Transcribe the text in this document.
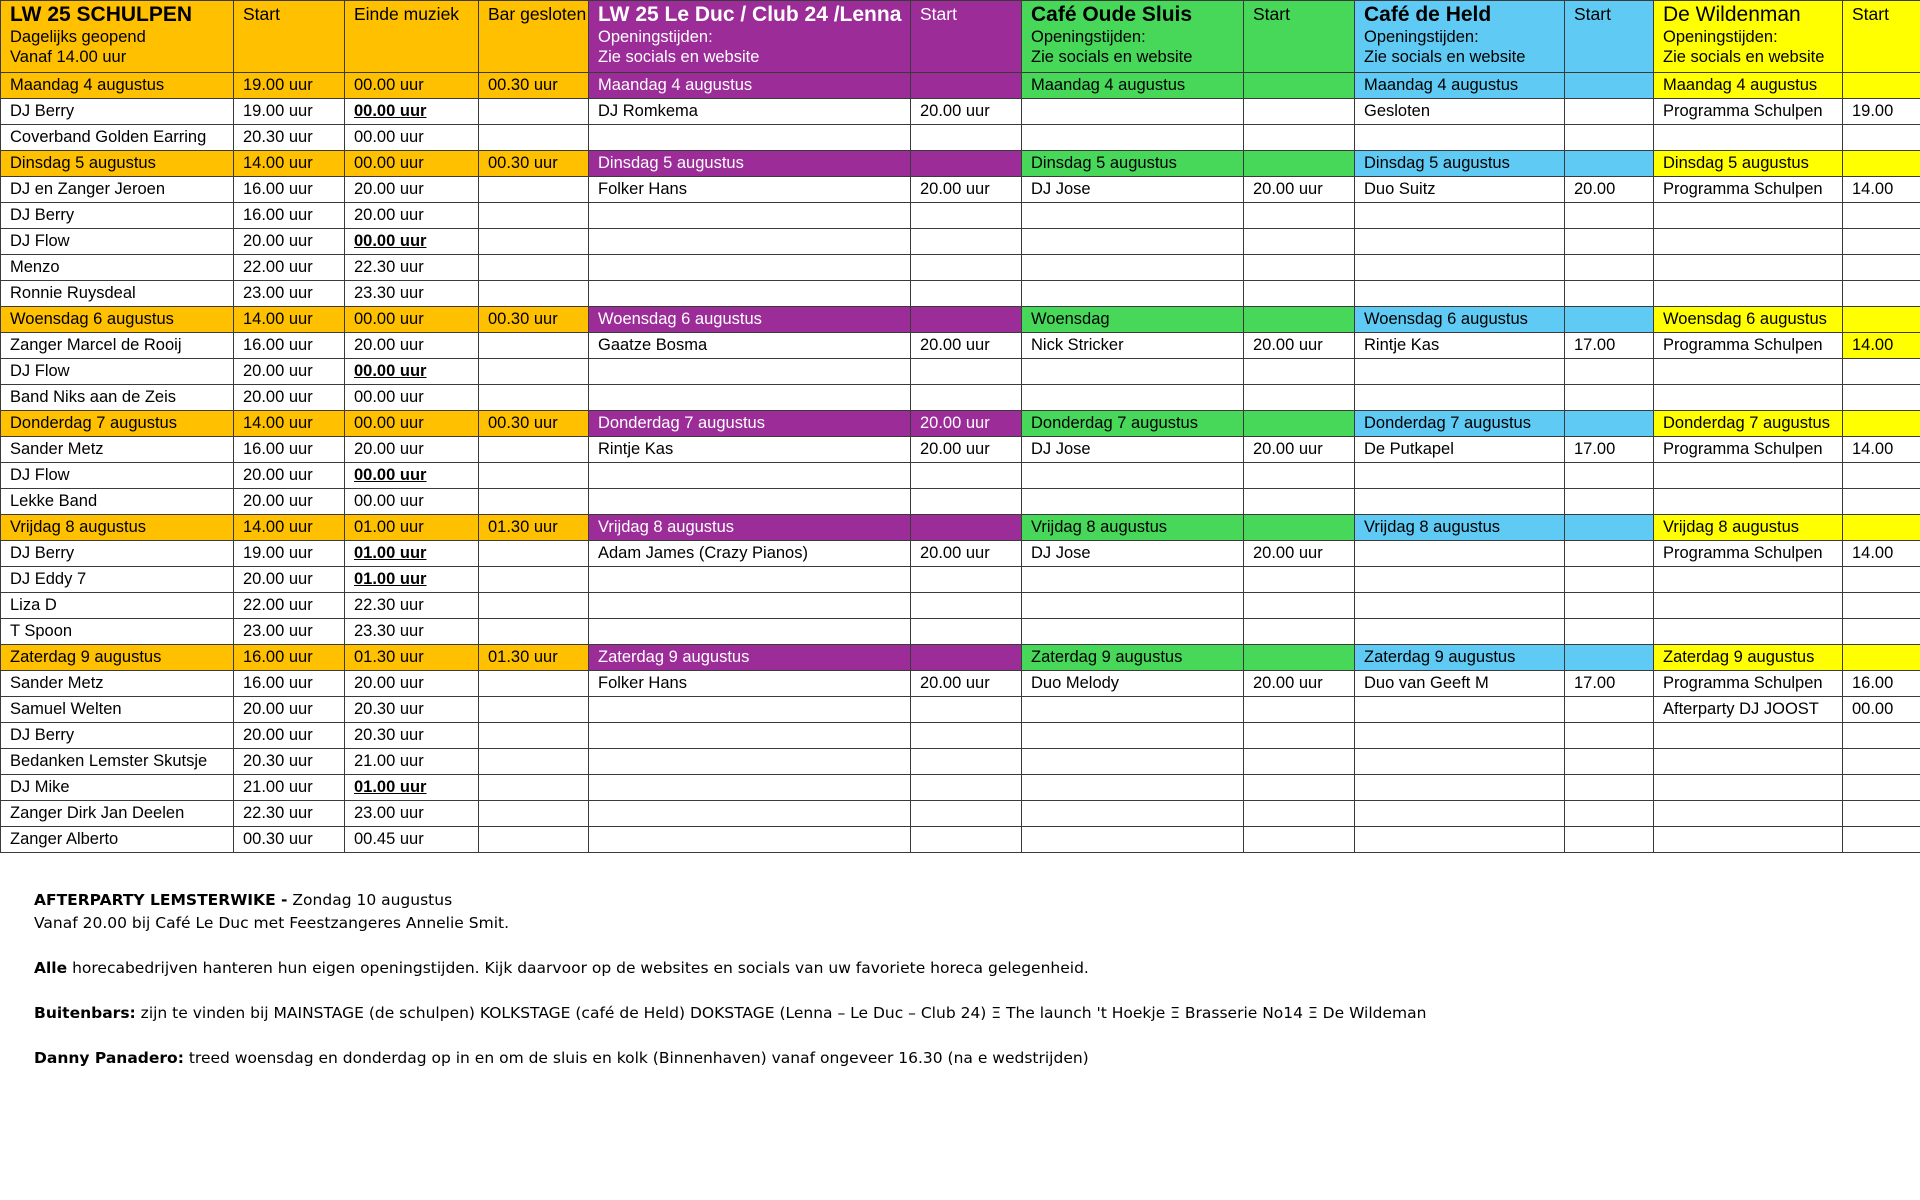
LW 25 SCHULPEN
Dagelijks geopend
Vanaf 14.00 uur	Start	Einde muziek	Bar gesloten	LW 25 Le Duc / Club 24 /Lenna
Openingstijden:
Zie socials en website	Start	Café Oude Sluis
Openingstijden:
Zie socials en website	Start	Café de Held
Openingstijden:
Zie socials en website	Start	De Wildenman
Openingstijden:
Zie socials en website	Start

Maandag 4 augustus	19.00 uur	00.00 uur	00.30 uur	Maandag 4 augustus		Maandag 4 augustus		Maandag 4 augustus		Maandag 4 augustus	
DJ Berry	19.00 uur	00.00 uur		DJ Romkema	20.00 uur			Gesloten		Programma Schulpen	19.00
Coverband Golden Earring	20.30 uur	00.00 uur									
Dinsdag 5 augustus	14.00 uur	00.00 uur	00.30 uur	Dinsdag 5 augustus		Dinsdag 5 augustus		Dinsdag 5 augustus		Dinsdag 5 augustus	
DJ en Zanger Jeroen	16.00 uur	20.00 uur		Folker Hans	20.00 uur	DJ Jose	20.00 uur	Duo Suitz	20.00	Programma Schulpen	14.00
DJ Berry	16.00 uur	20.00 uur									
DJ Flow	20.00 uur	00.00 uur									
Menzo	22.00 uur	22.30 uur									
Ronnie Ruysdeal	23.00 uur	23.30 uur									
Woensdag 6 augustus	14.00 uur	00.00 uur	00.30 uur	Woensdag 6 augustus		Woensdag		Woensdag 6 augustus		Woensdag 6 augustus	
Zanger Marcel de Rooij	16.00 uur	20.00 uur		Gaatze Bosma	20.00 uur	Nick Stricker	20.00 uur	Rintje Kas	17.00	Programma Schulpen	14.00
DJ Flow	20.00 uur	00.00 uur									
Band Niks aan de Zeis	20.00 uur	00.00 uur									
Donderdag 7 augustus	14.00 uur	00.00 uur	00.30 uur	Donderdag 7 augustus	20.00 uur	Donderdag 7 augustus		Donderdag 7 augustus		Donderdag 7 augustus	
Sander Metz	16.00 uur	20.00 uur		Rintje Kas	20.00 uur	DJ Jose	20.00 uur	De Putkapel	17.00	Programma Schulpen	14.00
DJ Flow	20.00 uur	00.00 uur									
Lekke Band	20.00 uur	00.00 uur									
Vrijdag 8 augustus	14.00 uur	01.00 uur	01.30 uur	Vrijdag 8 augustus		Vrijdag 8 augustus		Vrijdag 8 augustus		Vrijdag 8 augustus	
DJ Berry	19.00 uur	01.00 uur		Adam James (Crazy Pianos)	20.00 uur	DJ Jose	20.00 uur			Programma Schulpen	14.00
DJ Eddy 7	20.00 uur	01.00 uur									
Liza D	22.00 uur	22.30 uur									
T Spoon	23.00 uur	23.30 uur									
Zaterdag 9 augustus	16.00 uur	01.30 uur	01.30 uur	Zaterdag 9 augustus		Zaterdag 9 augustus		Zaterdag 9 augustus		Zaterdag 9 augustus	
Sander Metz	16.00 uur	20.00 uur		Folker Hans	20.00 uur	Duo Melody	20.00 uur	Duo van Geeft M	17.00	Programma Schulpen	16.00
Samuel Welten	20.00 uur	20.30 uur								Afterparty DJ JOOST	00.00
DJ Berry	20.00 uur	20.30 uur									
Bedanken Lemster Skutsje	20.30 uur	21.00 uur									
DJ Mike	21.00 uur	01.00 uur									
Zanger Dirk Jan Deelen	22.30 uur	23.00 uur									
Zanger Alberto	00.30 uur	00.45 uur									

AFTERPARTY LEMSTERWIKE - Zondag 10 augustus
Vanaf 20.00 bij Café Le Duc met Feestzangeres Annelie Smit.

Alle horecabedrijven hanteren hun eigen openingstijden. Kijk daarvoor op de websites en socials van uw favoriete horeca gelegenheid.

Buitenbars: zijn te vinden bij MAINSTAGE (de schulpen) KOLKSTAGE (café de Held) DOKSTAGE (Lenna – Le Duc – Club 24) Ξ The launch 't Hoekje Ξ Brasserie No14 Ξ De Wildeman

Danny Panadero: treed woensdag en donderdag op in en om de sluis en kolk (Binnenhaven) vanaf ongeveer 16.30 (na e wedstrijden)
